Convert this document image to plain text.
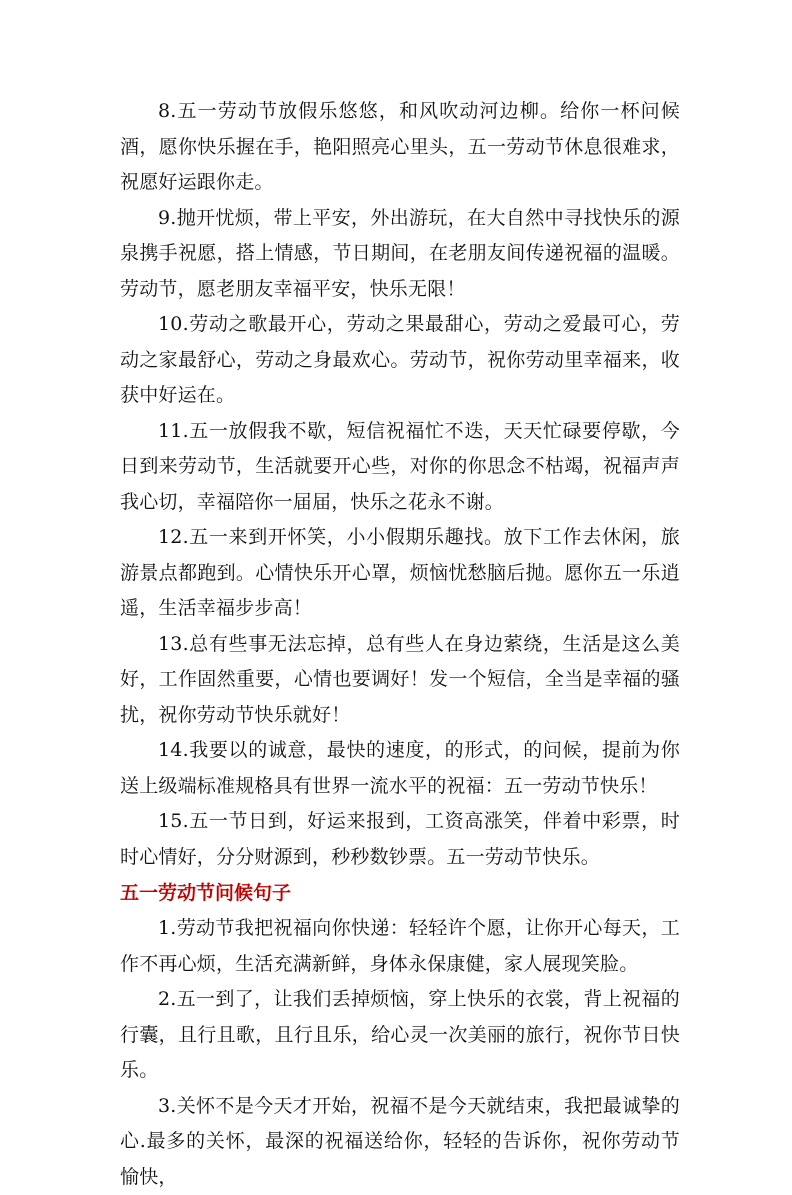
8.五一劳动节放假乐悠悠，和风吹动河边柳。给你一杯问候酒，愿你快乐握在手，艳阳照亮心里头，五一劳动节休息很难求，祝愿好运跟你走。

9.抛开忧烦，带上平安，外出游玩，在大自然中寻找快乐的源泉携手祝愿，搭上情感，节日期间，在老朋友间传递祝福的温暖。劳动节，愿老朋友幸福平安，快乐无限！

10.劳动之歌最开心，劳动之果最甜心，劳动之爱最可心，劳动之家最舒心，劳动之身最欢心。劳动节，祝你劳动里幸福来，收获中好运在。

11.五一放假我不歇，短信祝福忙不迭，天天忙碌要停歇，今日到来劳动节，生活就要开心些，对你的你思念不枯竭，祝福声声我心切，幸福陪你一届届，快乐之花永不谢。

12.五一来到开怀笑，小小假期乐趣找。放下工作去休闲，旅游景点都跑到。心情快乐开心罩，烦恼忧愁脑后抛。愿你五一乐逍遥，生活幸福步步高！

13.总有些事无法忘掉，总有些人在身边萦绕，生活是这么美好，工作固然重要，心情也要调好！发一个短信，全当是幸福的骚扰，祝你劳动节快乐就好！

14.我要以的诚意，最快的速度，的形式，的问候，提前为你送上级端标准规格具有世界一流水平的祝福：五一劳动节快乐！

15.五一节日到，好运来报到，工资高涨笑，伴着中彩票，时时心情好，分分财源到，秒秒数钞票。五一劳动节快乐。

五一劳动节问候句子

1.劳动节我把祝福向你快递：轻轻许个愿，让你开心每天，工作不再心烦，生活充满新鲜，身体永保康健，家人展现笑脸。

2.五一到了，让我们丢掉烦恼，穿上快乐的衣裳，背上祝福的行囊，且行且歌，且行且乐，给心灵一次美丽的旅行，祝你节日快乐。

3.关怀不是今天才开始，祝福不是今天就结束，我把最诚挚的心.最多的关怀，最深的祝福送给你，轻轻的告诉你，祝你劳动节愉快，
